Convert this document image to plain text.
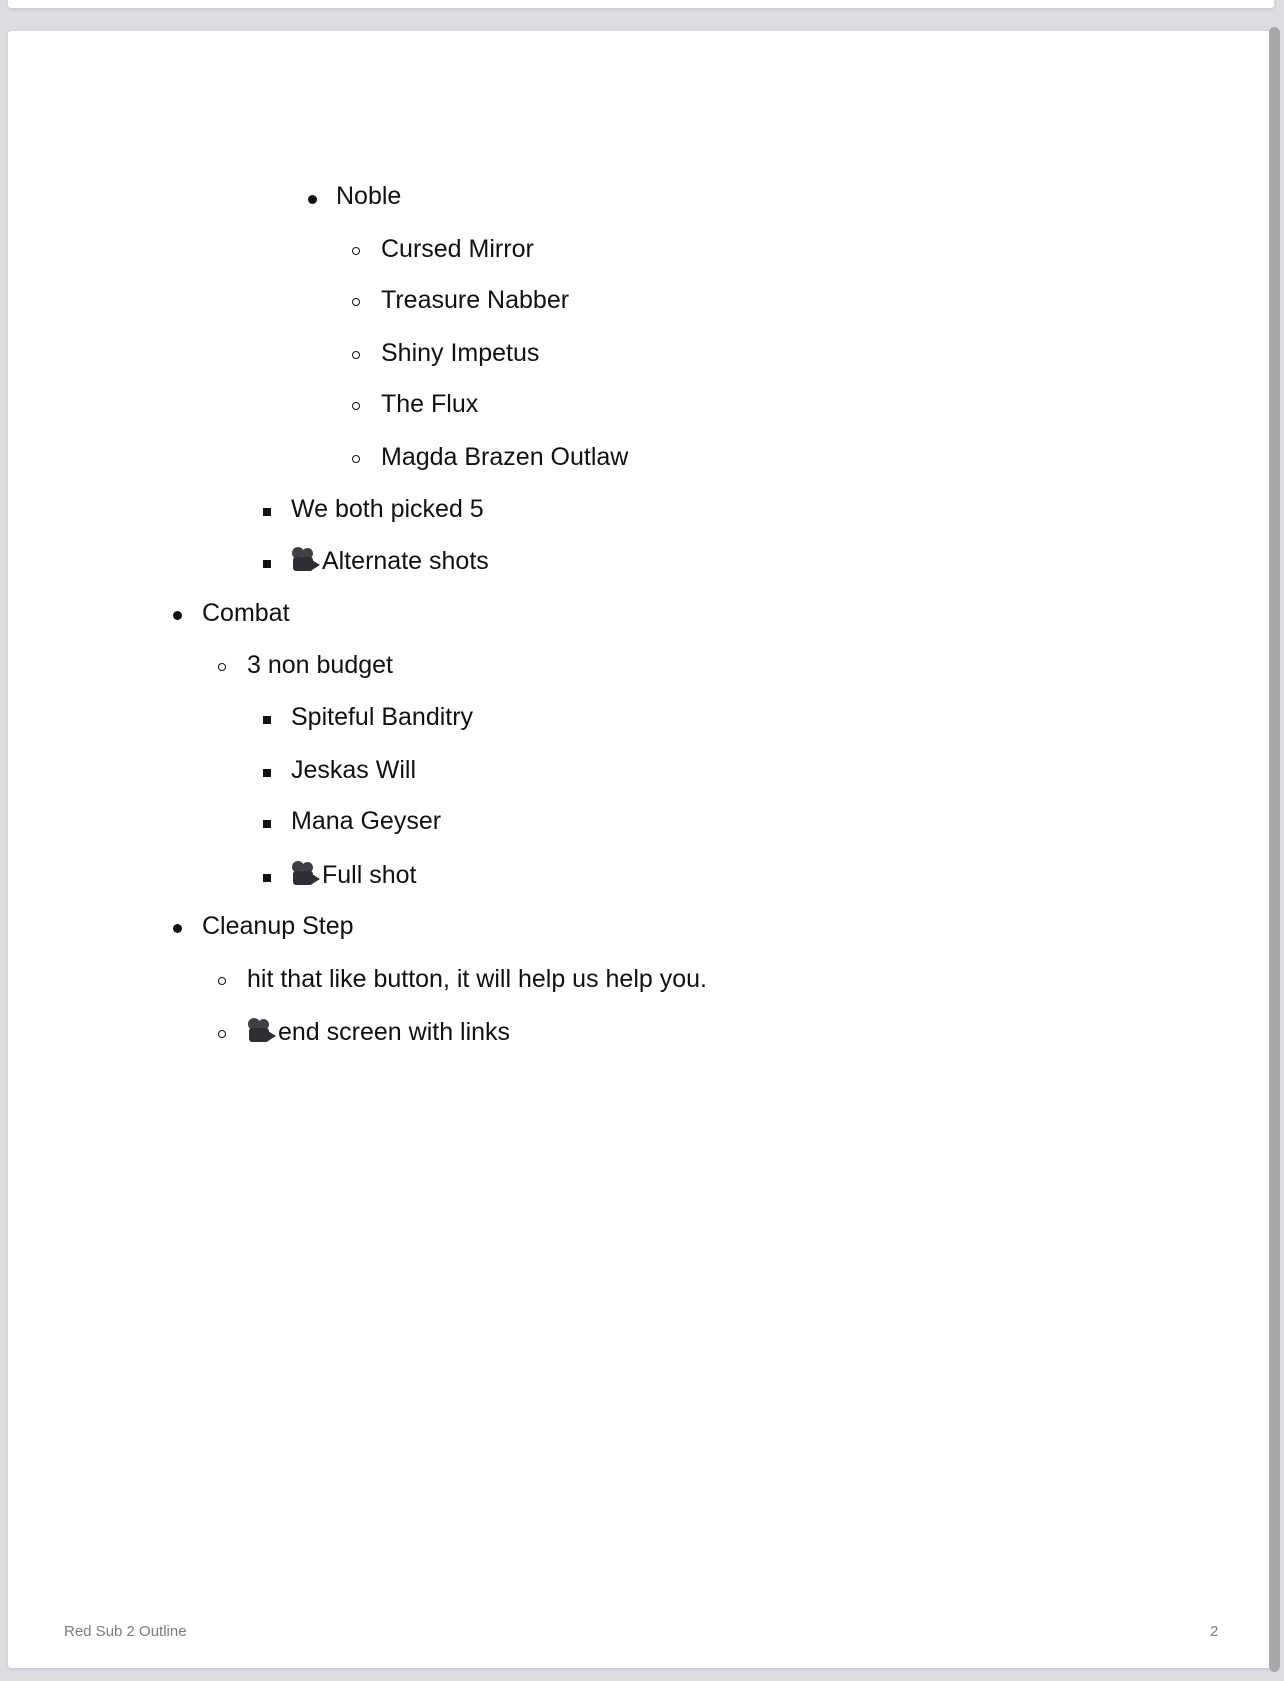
Noble
Cursed Mirror
Treasure Nabber
Shiny Impetus
The Flux
Magda Brazen Outlaw
We both picked 5
Alternate shots
Combat
3 non budget
Spiteful Banditry
Jeskas Will
Mana Geyser
Full shot
Cleanup Step
hit that like button, it will help us help you.
end screen with links
Red Sub 2 Outline	2
